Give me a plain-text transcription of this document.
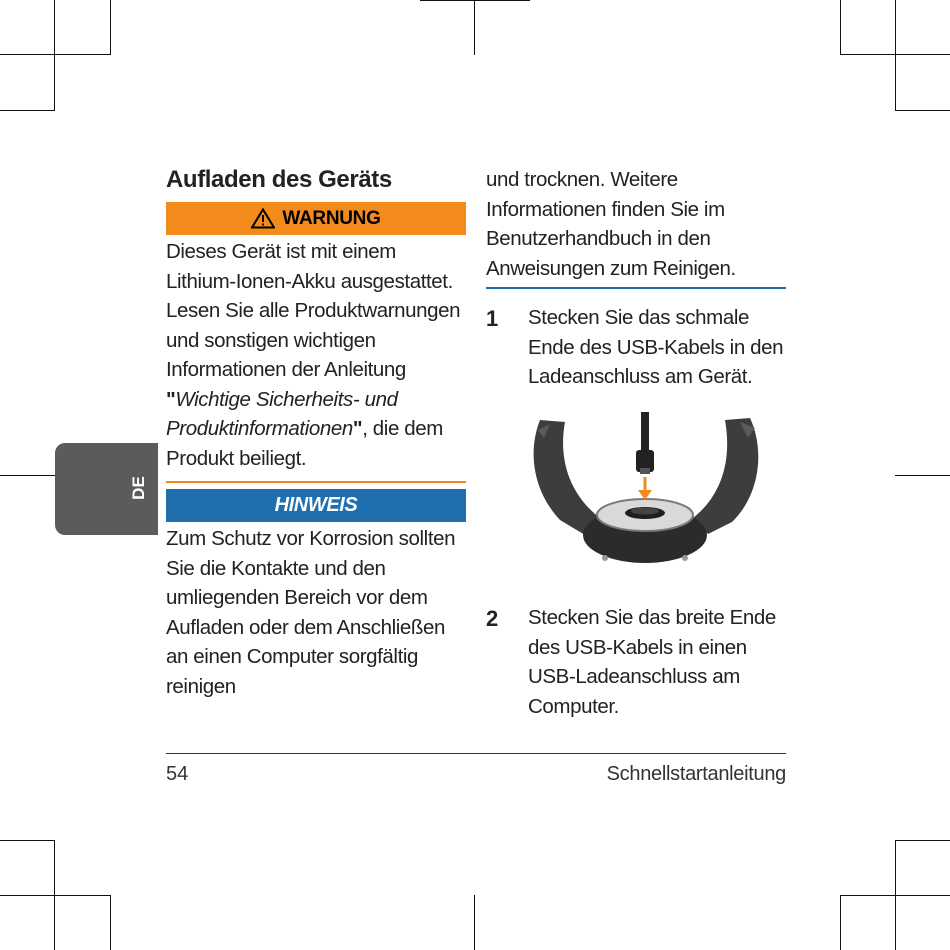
DE
Aufladen des Geräts
WARNUNG

Dieses Gerät ist mit einem Lithium-Ionen-Akku ausgestattet. Lesen Sie alle Produktwarnungen und sonstigen wichtigen Informationen der Anleitung "Wichtige Sicherheits- und Produktinformationen", die dem Produkt beiliegt.

HINWEIS

Zum Schutz vor Korrosion sollten Sie die Kontakte und den umliegenden Bereich vor dem Aufladen oder dem Anschließen an einen Computer sorgfältig reinigen

und trocknen. Weitere Informationen finden Sie im Benutzerhandbuch in den Anweisungen zum Reinigen.

1	Stecken Sie das schmale Ende des USB-Kabels in den Ladeanschluss am Gerät.
2	Stecken Sie das breite Ende des USB-Kabels in einen USB-Ladeanschluss am Computer.
54	Schnellstartanleitung
